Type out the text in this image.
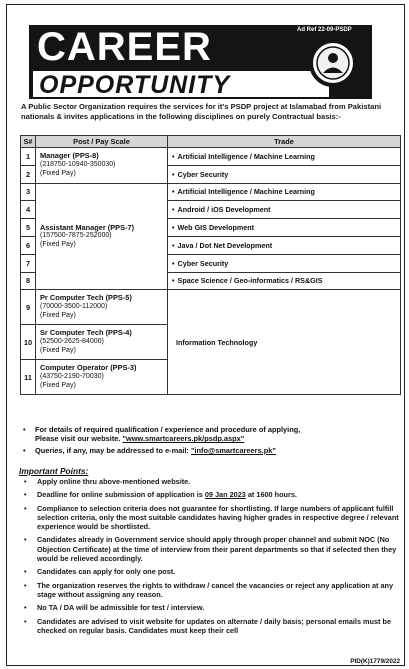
CAREER
OPPORTUNITY
Ad Ref 22-09-PSDP
A Public Sector Organization requires the services for it's PSDP project at Islamabad from Pakistani nationals & invites applications in the following disciplines on purely Contractual basis:-
S#	Post / Pay Scale	Trade
1	Manager (PPS-8)
(218750-10940-350030)
(Fixed Pay)	• Artificial Intelligence / Machine Learning
2		• Cyber Security
3	Assistant Manager (PPS-7)
(157500-7875-252000)
(Fixed Pay)	• Artificial Intelligence / Machine Learning
4		• Android / iOS Development
5		• Web GIS Development
6		• Java / Dot Net Development
7		• Cyber Security
8		• Space Science / Geo-informatics / RS&GIS
9	Pr Computer Tech (PPS-5)
(70000-3500-112000)
(Fixed Pay)	Information Technology
10	Sr Computer Tech (PPS-4)
(52500-2625-84000)
(Fixed Pay)	

11	Computer Operator (PPS-3)
(43750-2190-70030)
(Fixed Pay)	
• For details of required qualification / experience and procedure of applying,
Please visit our website. "www.smartcareers.pk/psdp.aspx"
• Queries, if any, may be addressed to e-mail: "info@smartcareers.pk"
Important Points:
• Apply online thru above-mentioned website.
• Deadline for online submission of application is 09 Jan 2023 at 1600 hours.
• Compliance to selection criteria does not guarantee for shortlisting. If large numbers of applicant fulfill selection criteria, only the most suitable candidates having higher grades in respective degree / relevant experience would be shortlisted.
• Candidates already in Government service should apply through proper channel and submit NOC (No Objection Certificate) at the time of interview from their parent departments so that if selected then they would be relieved accordingly.
• Candidates can apply for only one post.
• The organization reserves the rights to withdraw / cancel the vacancies or reject any application at any stage without assigning any reason.
• No TA / DA will be admissible for test / interview.
• Candidates are advised to visit website for updates on alternate / daily basis; personal emails must be checked on regular basis. Candidates must keep their cell
PID(K)1779/2022
